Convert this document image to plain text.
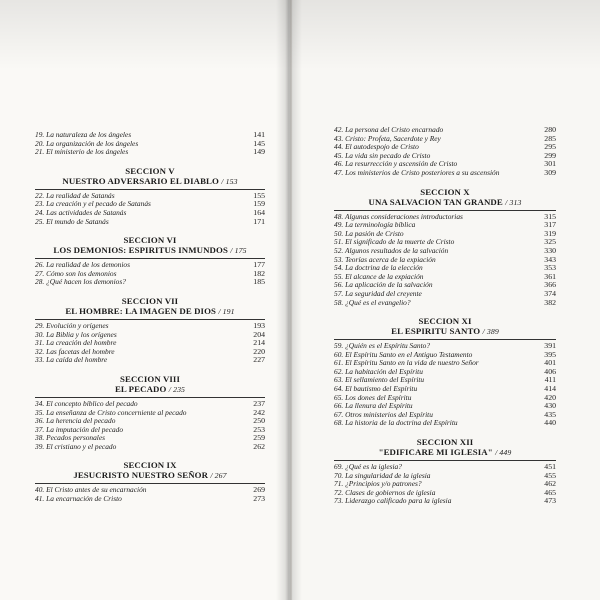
19. La naturaleza de los ángeles	141
20. La organización de los ángeles	145
21. El ministerio de los ángeles	149
SECCION V
NUESTRO ADVERSARIO EL DIABLO / 153
22. La realidad de Satanás	155
23. La creación y el pecado de Satanás	159
24. Las actividades de Satanás	164
25. El mundo de Satanás	171
SECCION VI
LOS DEMONIOS: ESPIRITUS INMUNDOS / 175
26. La realidad de los demonios	177
27. Cómo son los demonios	182
28. ¿Qué hacen los demonios?	185
SECCION VII
EL HOMBRE: LA IMAGEN DE DIOS / 191
29. Evolución y orígenes	193
30. La Biblia y los orígenes	204
31. La creación del hombre	214
32. Las facetas del hombre	220
33. La caída del hombre	227
SECCION VIII
EL PECADO / 235
34. El concepto bíblico del pecado	237
35. La enseñanza de Cristo concerniente al pecado	242
36. La herencia del pecado	250
37. La imputación del pecado	253
38. Pecados personales	259
39. El cristiano y el pecado	262
SECCION IX
JESUCRISTO NUESTRO SEÑOR / 267
40. El Cristo antes de su encarnación	269
41. La encarnación de Cristo	273
42. La persona del Cristo encarnado	280
43. Cristo: Profeta, Sacerdote y Rey	285
44. El autodespojo de Cristo	295
45. La vida sin pecado de Cristo	299
46. La resurrección y ascensión de Cristo	301
47. Los ministerios de Cristo posteriores a su ascensión	309
SECCION X
UNA SALVACION TAN GRANDE / 313
48. Algunas consideraciones introductorias	315
49. La terminología bíblica	317
50. La pasión de Cristo	319
51. El significado de la muerte de Cristo	325
52. Algunos resultados de la salvación	330
53. Teorías acerca de la expiación	343
54. La doctrina de la elección	353
55. El alcance de la expiación	361
56. La aplicación de la salvación	366
57. La seguridad del creyente	374
58. ¿Qué es el evangelio?	382
SECCION XI
EL ESPIRITU SANTO / 389
59. ¿Quién es el Espíritu Santo?	391
60. El Espíritu Santo en el Antiguo Testamento	395
61. El Espíritu Santo en la vida de nuestro Señor	401
62. La habitación del Espíritu	406
63. El sellamiento del Espíritu	411
64. El bautismo del Espíritu	414
65. Los dones del Espíritu	420
66. La llenura del Espíritu	430
67. Otros ministerios del Espíritu	435
68. La historia de la doctrina del Espíritu	440
SECCION XII
"EDIFICARE MI IGLESIA" / 449
69. ¿Qué es la iglesia?	451
70. La singularidad de la iglesia	455
71. ¿Principios y/o patrones?	462
72. Clases de gobiernos de iglesia	465
73. Liderazgo calificado para la iglesia	473
